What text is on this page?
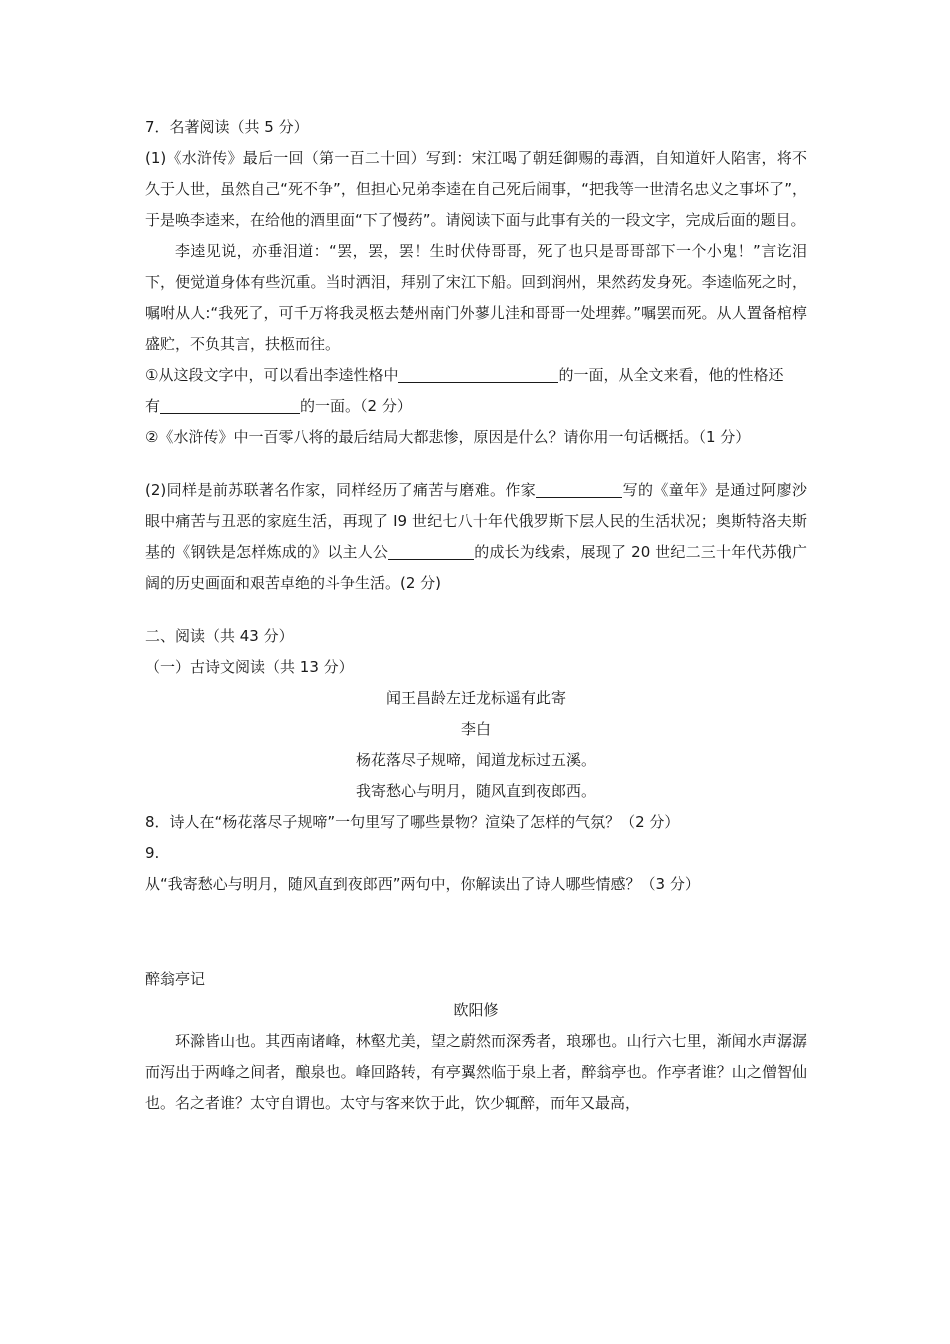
7．名著阅读（共 5 分）

(1)《水浒传》最后一回（第一百二十回）写到：宋江喝了朝廷御赐的毒酒，自知道奸人陷害，将不久于人世，虽然自己“死不争”，但担心兄弟李逵在自己死后闹事，“把我等一世清名忠义之事坏了”，于是唤李逵来，在给他的酒里面“下了慢药”。请阅读下面与此事有关的一段文字，完成后面的题目。

李逵见说，亦垂泪道：“罢，罢，罢！生时伏侍哥哥，死了也只是哥哥部下一个小鬼！”言讫泪下，便觉道身体有些沉重。当时洒泪，拜别了宋江下船。回到润州，果然药发身死。李逵临死之时，嘱咐从人:“我死了，可千万将我灵柩去楚州南门外蓼儿洼和哥哥一处埋葬。”嘱罢而死。从人置备棺椁盛贮，不负其言，扶柩而往。

①从这段文字中，可以看出李逵性格中	的一面，从全文来看，他的性格还

有	的一面。（2 分）

②《水浒传》中一百零八将的最后结局大都悲惨，原因是什么？请你用一句话概括。（1 分）

(2)同样是前苏联著名作家，同样经历了痛苦与磨难。作家	写的《童年》是通过阿廖沙眼中痛苦与丑恶的家庭生活，再现了 I9 世纪七八十年代俄罗斯下层人民的生活状况；奥斯特洛夫斯基的《钢铁是怎样炼成的》以主人公	的成长为线索，展现了 20 世纪二三十年代苏俄广阔的历史画面和艰苦卓绝的斗争生活。(2 分)

二、阅读（共 43 分）

（一）古诗文阅读（共 13 分）

闻王昌龄左迁龙标遥有此寄

李白

杨花落尽子规啼，闻道龙标过五溪。

我寄愁心与明月，随风直到夜郎西。

8．诗人在“杨花落尽子规啼”一句里写了哪些景物？渲染了怎样的气氛？（2 分）

9.

从“我寄愁心与明月，随风直到夜郎西”两句中，你解读出了诗人哪些情感？（3 分）

醉翁亭记

欧阳修

环滁皆山也。其西南诸峰，林壑尤美，望之蔚然而深秀者，琅琊也。山行六七里，渐闻水声潺潺而泻出于两峰之间者，酿泉也。峰回路转，有亭翼然临于泉上者，醉翁亭也。作亭者谁？山之僧智仙也。名之者谁？太守自谓也。太守与客来饮于此，饮少辄醉，而年又最高，
